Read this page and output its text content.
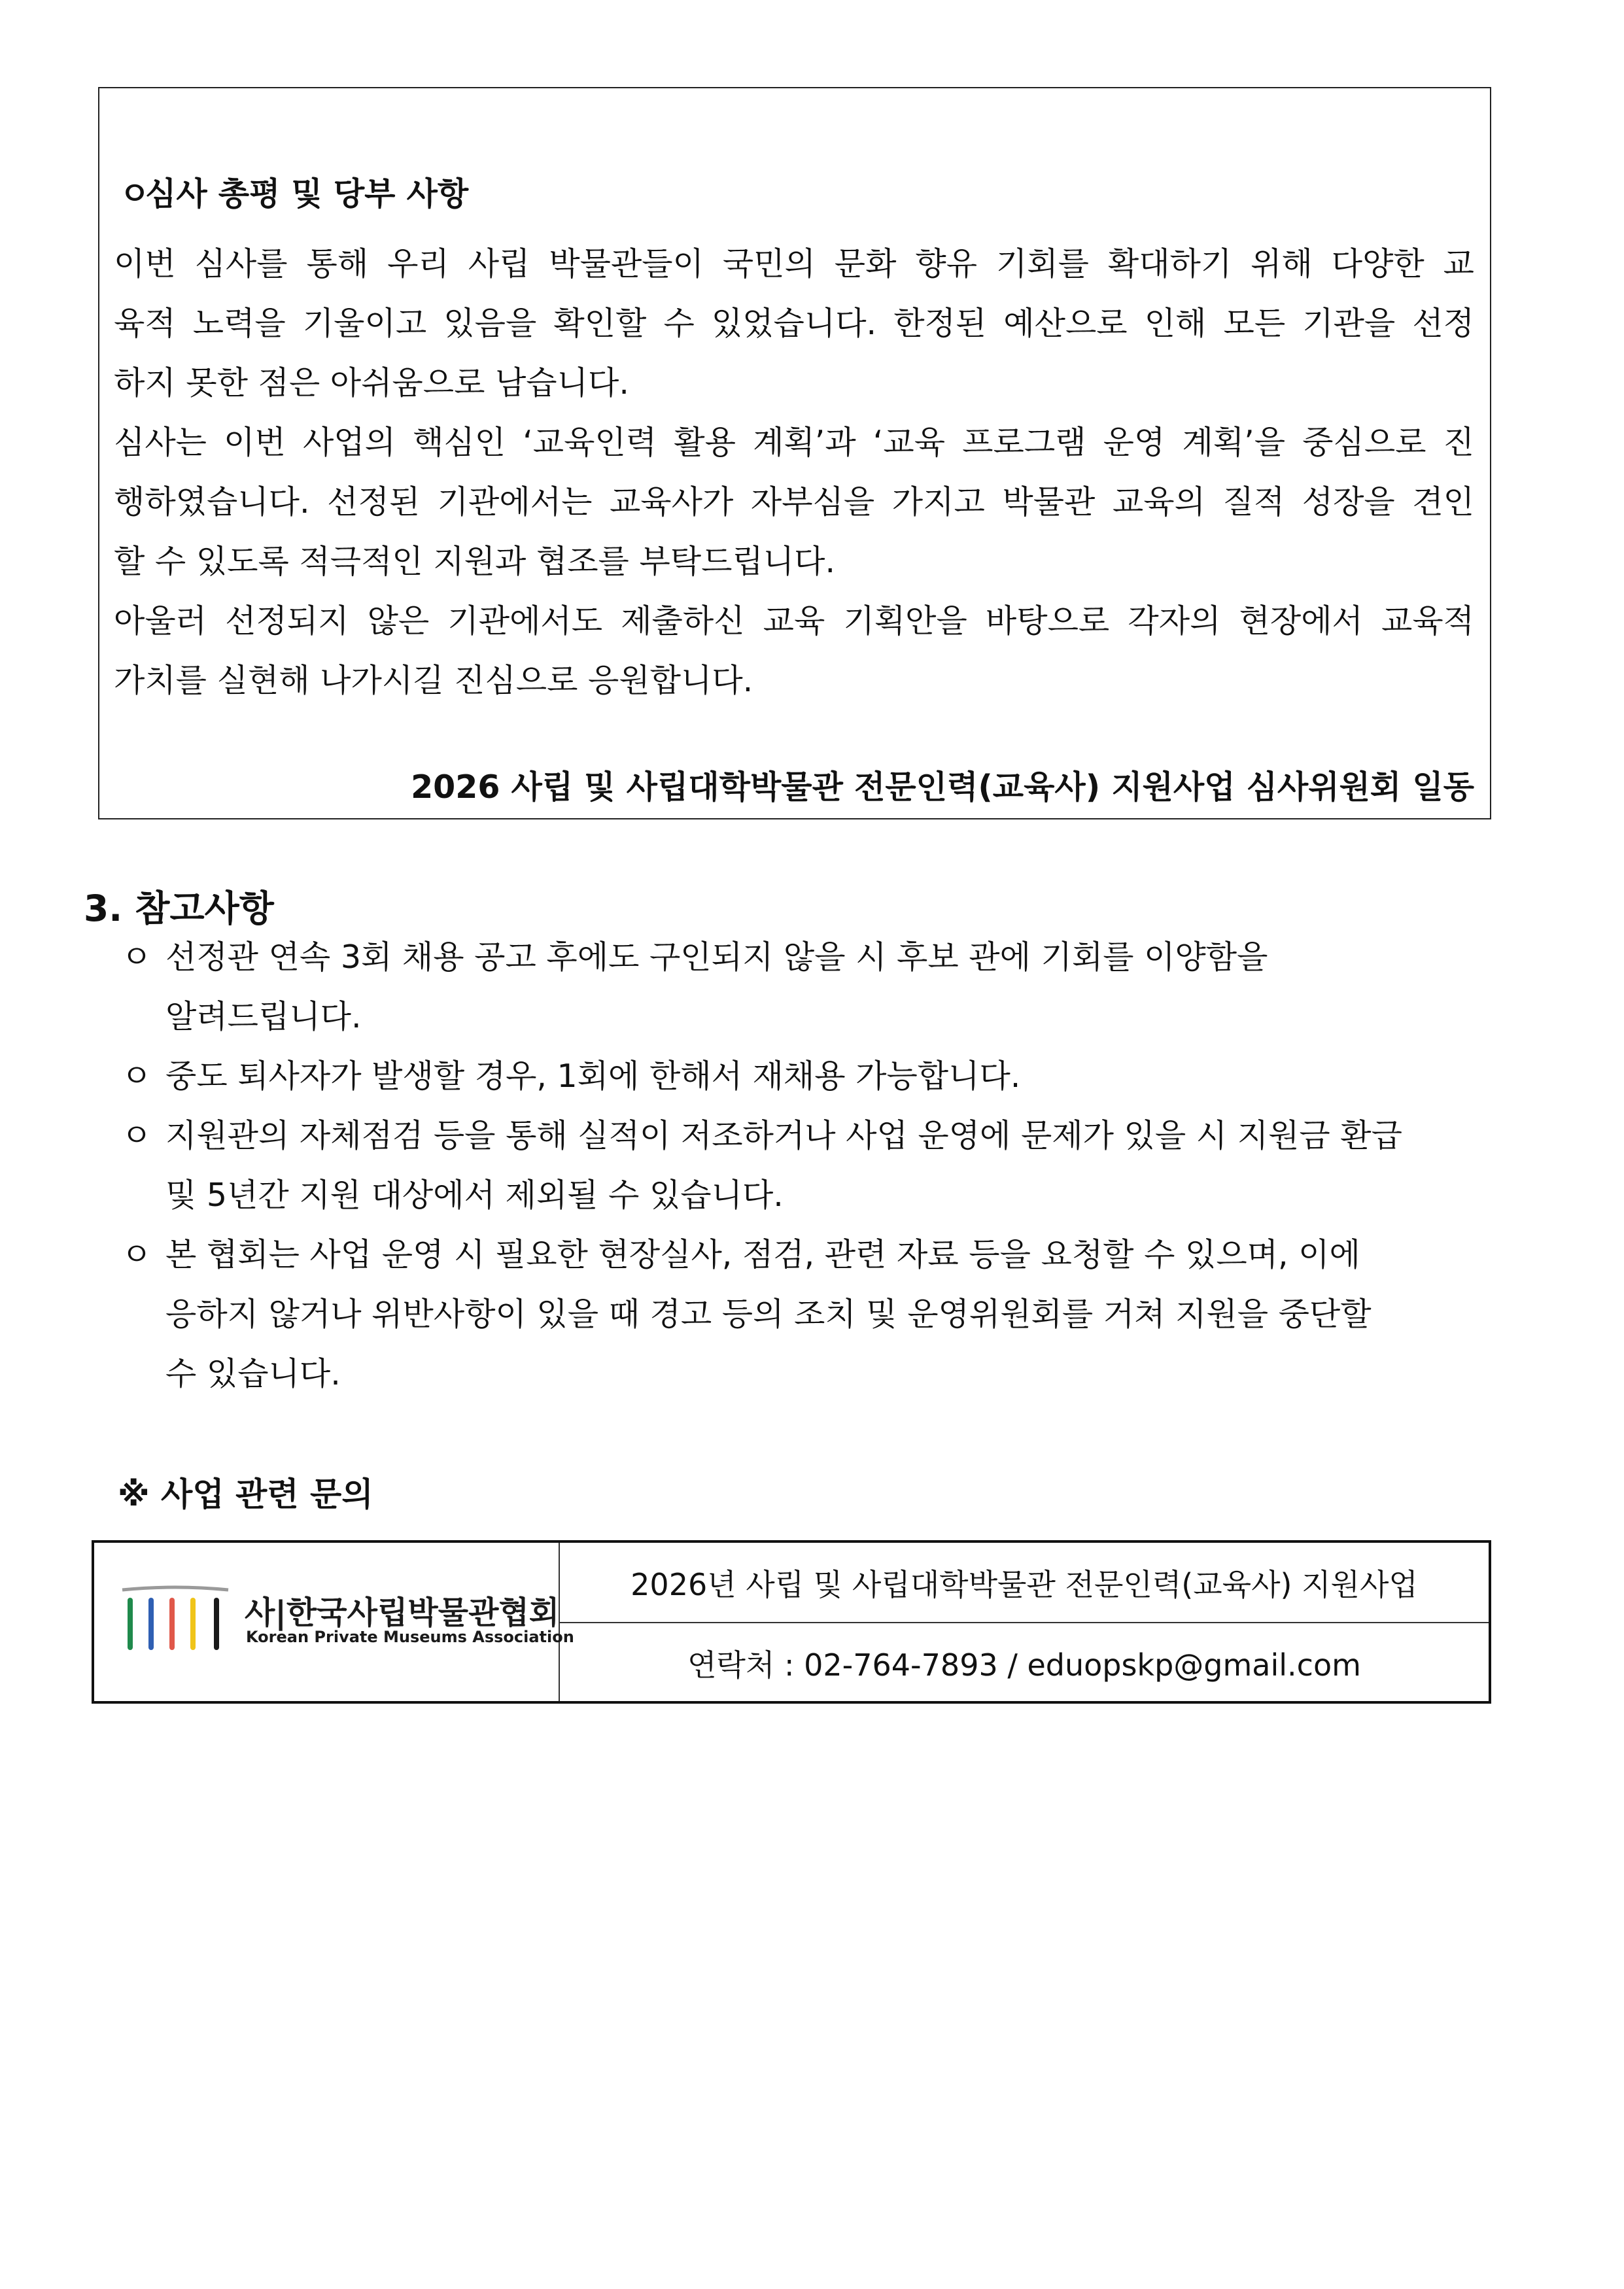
ㅇ심사 총평 및 당부 사항
이번 심사를 통해 우리 사립 박물관들이 국민의 문화 향유 기회를 확대하기 위해 다양한 교
육적 노력을 기울이고 있음을 확인할 수 있었습니다. 한정된 예산으로 인해 모든 기관을 선정
하지 못한 점은 아쉬움으로 남습니다.
심사는 이번 사업의 핵심인 ‘교육인력 활용 계획’과 ‘교육 프로그램 운영 계획’을 중심으로 진
행하였습니다. 선정된 기관에서는 교육사가 자부심을 가지고 박물관 교육의 질적 성장을 견인
할 수 있도록 적극적인 지원과 협조를 부탁드립니다.
아울러 선정되지 않은 기관에서도 제출하신 교육 기획안을 바탕으로 각자의 현장에서 교육적
가치를 실현해 나가시길 진심으로 응원합니다.
2026 사립 및 사립대학박물관 전문인력(교육사) 지원사업 심사위원회 일동
3. 참고사항
ㅇ 선정관 연속 3회 채용 공고 후에도 구인되지 않을 시 후보 관에 기회를 이양함을
알려드립니다.
ㅇ 중도 퇴사자가 발생할 경우, 1회에 한해서 재채용 가능합니다.
ㅇ 지원관의 자체점검 등을 통해 실적이 저조하거나 사업 운영에 문제가 있을 시 지원금 환급
및 5년간 지원 대상에서 제외될 수 있습니다.
ㅇ 본 협회는 사업 운영 시 필요한 현장실사, 점검, 관련 자료 등을 요청할 수 있으며, 이에
응하지 않거나 위반사항이 있을 때 경고 등의 조치 및 운영위원회를 거쳐 지원을 중단할
수 있습니다.
※ 사업 관련 문의
사|한국사립박물관협회
Korean Private Museums Association
2026년 사립 및 사립대학박물관 전문인력(교육사) 지원사업
연락처 : 02-764-7893 / eduopskp@gmail.com
